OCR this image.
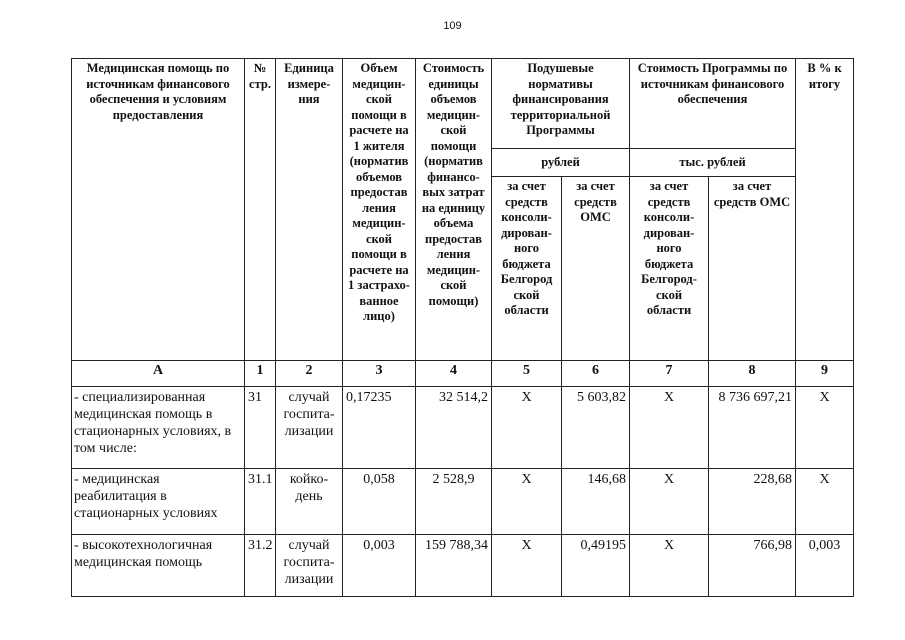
109
Медицинская помощь по источникам финансового обеспечения и условиям предоставления	№ стр.	Единица измере-ния	Объем медицин-ской помощи в расчете на 1 жителя (норматив объемов предостав ления медицин-ской помощи в расчете на 1 застрахо-ванное лицо)	Стоимость единицы объемов медицин-ской помощи (норматив финансо-вых затрат на единицу объема предостав ления медицин-ской помощи)	Подушевые нормативы финансирования территориальной Программы		Стоимость Программы по источникам финансового обеспечения		В % к итогу
					рублей		тыс. рублей		
					за счет средств консоли-дирован-ного бюджета Белгород ской области	за счет средств ОМС	за счет средств консоли-дирован-ного бюджета Белгород-ской области	за счет средств ОМС	
А	1	2	3	4	5	6	7	8	9
- специализированная медицинская помощь в стационарных условиях, в том числе:	31	случай госпита-лизации	0,17235	32 514,2	Х	5 603,82	Х	8 736 697,21	Х
- медицинская реабилитация в стационарных условиях	31.1	койко-день	0,058	2 528,9	Х	146,68	Х	228,68	Х
- высокотехнологичная медицинская помощь	31.2	случай госпита-лизации	0,003	159 788,34	Х	0,49195	Х	766,98	0,003
